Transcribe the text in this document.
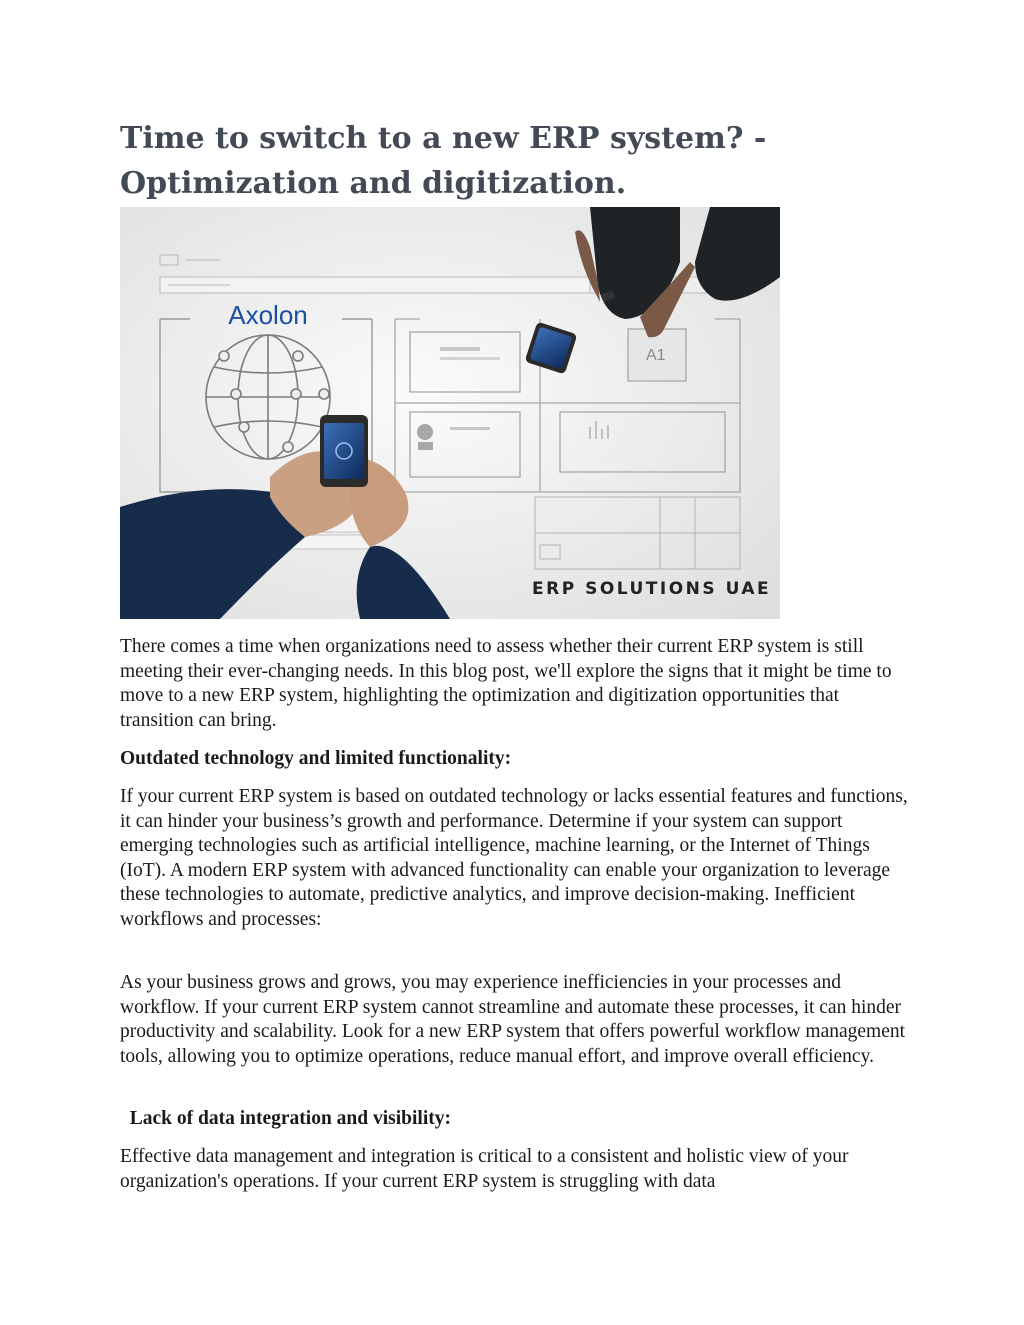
Time to switch to a new ERP system? -
Optimization and digitization.
Axolon
A1
ERP SOLUTIONS UAE

There comes a time when organizations need to assess whether their current ERP system is still meeting their ever-changing needs. In this blog post, we'll explore the signs that it might be time to move to a new ERP system, highlighting the optimization and digitization opportunities that transition can bring.

Outdated technology and limited functionality:

If your current ERP system is based on outdated technology or lacks essential features and functions, it can hinder your business’s growth and performance. Determine if your system can support emerging technologies such as artificial intelligence, machine learning, or the Internet of Things (IoT). A modern ERP system with advanced functionality can enable your organization to leverage these technologies to automate, predictive analytics, and improve decision-making. Inefficient workflows and processes:

As your business grows and grows, you may experience inefficiencies in your processes and workflow. If your current ERP system cannot streamline and automate these processes, it can hinder productivity and scalability. Look for a new ERP system that offers powerful workflow management tools, allowing you to optimize operations, reduce manual effort, and improve overall efficiency.

Lack of data integration and visibility:

Effective data management and integration is critical to a consistent and holistic view of your organization's operations. If your current ERP system is struggling with data
